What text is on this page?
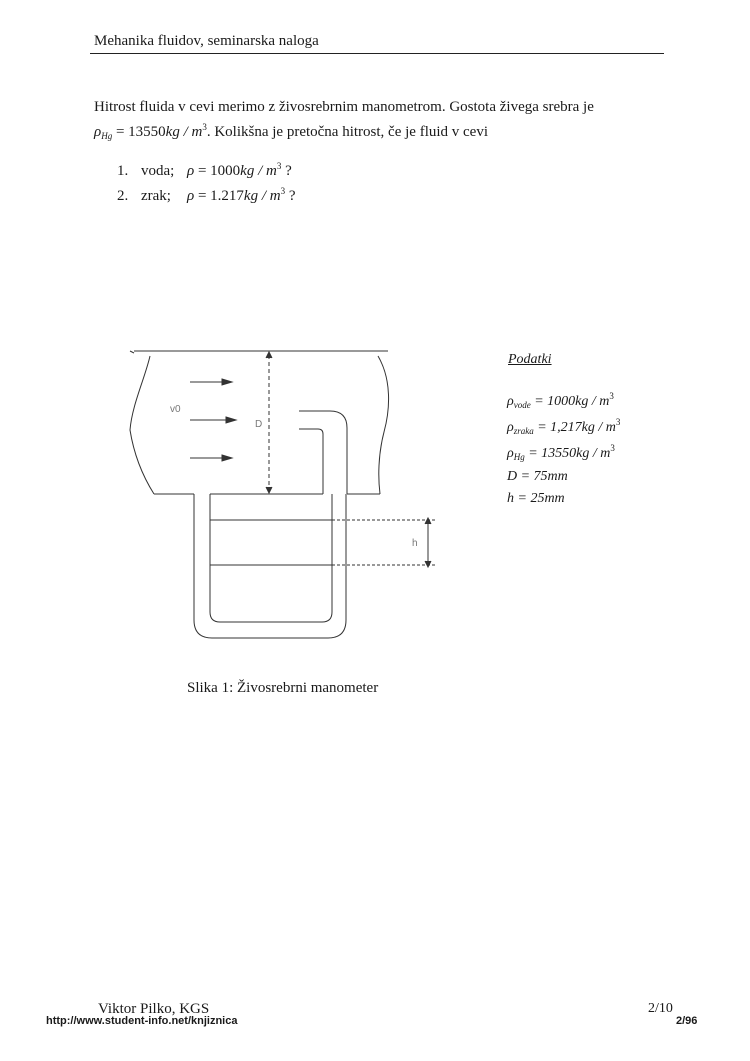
Mehanika fluidov, seminarska naloga
Hitrost fluida v cevi merimo z živosrebrnim manometrom. Gostota živega srebra je
$\rho_{Hg} = 13550kg / m^3$. Kolikšna je pretočna hitrost, če je fluid v cevi
1. voda; $\rho = 1000kg / m^3$ ?
2. zrak; $\rho = 1.217kg / m^3$ ?
v0
D
h
Podatki
$\rho_{vode} = 1000kg / m^3$
$\rho_{zraka} = 1,217kg / m^3$
$\rho_{Hg} = 13550kg / m^3$
D = 75mm
h = 25mm
Slika 1: Živosrebrni manometer
Viktor Pilko, KGS
http://www.student-info.net/knjiznica
2/10
2/96
